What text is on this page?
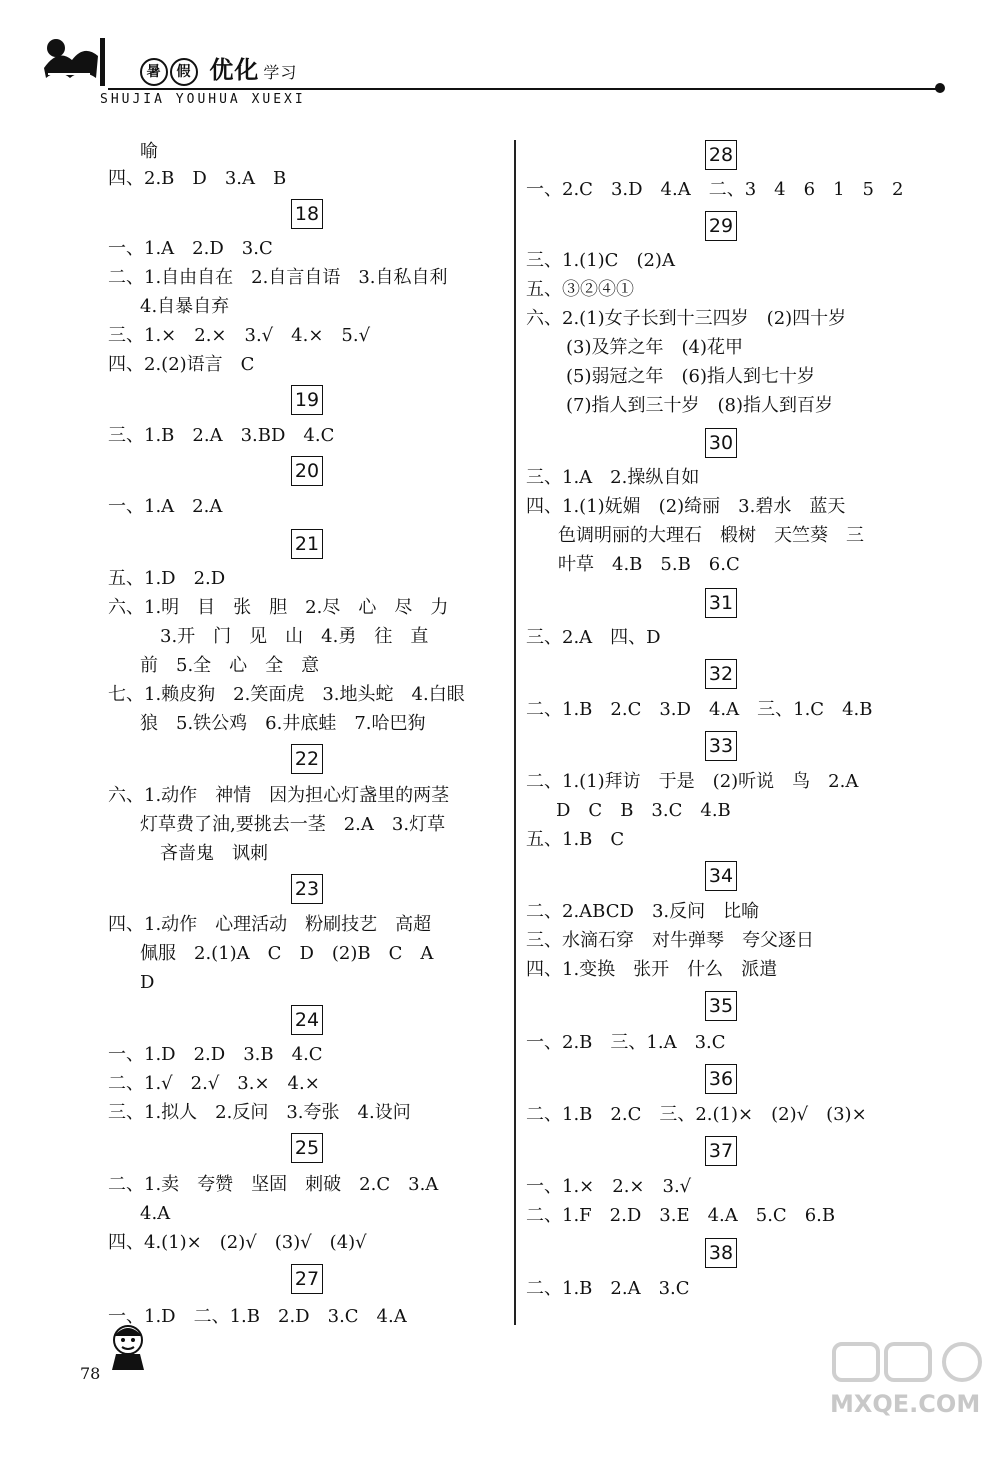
暑 假 优化 学习
SHUJIA YOUHUA XUEXI
喻
四、2.B　D　3.A　B
18
一、1.A　2.D　3.C
二、1.自由自在　2.自言自语　3.自私自利
4.自暴自弃
三、1.×　2.×　3.√　4.×　5.√
四、2.(2)语言　C
19
三、1.B　2.A　3.BD　4.C
20
一、1.A　2.A
21
五、1.D　2.D
六、1.明　目　张　胆　2.尽　心　尽　力
3.开　门　见　山　4.勇　往　直
前　5.全　心　全　意
七、1.赖皮狗　2.笑面虎　3.地头蛇　4.白眼
狼　5.铁公鸡　6.井底蛙　7.哈巴狗
22
六、1.动作　神情　因为担心灯盏里的两茎
灯草费了油,要挑去一茎　2.A　3.灯草
吝啬鬼　讽刺
23
四、1.动作　心理活动　粉刷技艺　高超
佩服　2.(1)A　C　D　(2)B　C　A
D
24
一、1.D　2.D　3.B　4.C
二、1.√　2.√　3.×　4.×
三、1.拟人　2.反问　3.夸张　4.设问
25
二、1.卖　夸赞　坚固　刺破　2.C　3.A
4.A
四、4.(1)×　(2)√　(3)√　(4)√
27
一、1.D　二、1.B　2.D　3.C　4.A
28
一、2.C　3.D　4.A　二、3　4　6　1　5　2
29
三、1.(1)C　(2)A
五、③②④①
六、2.(1)女子长到十三四岁　(2)四十岁
(3)及笄之年　(4)花甲
(5)弱冠之年　(6)指人到七十岁
(7)指人到三十岁　(8)指人到百岁
30
三、1.A　2.操纵自如
四、1.(1)妩媚　(2)绮丽　3.碧水　蓝天
色调明丽的大理石　椴树　天竺葵　三
叶草　4.B　5.B　6.C
31
三、2.A　四、D
32
二、1.B　2.C　3.D　4.A　三、1.C　4.B
33
二、1.(1)拜访　于是　(2)听说　鸟　2.A
D　C　B　3.C　4.B
五、1.B　C
34
二、2.ABCD　3.反问　比喻
三、水滴石穿　对牛弹琴　夸父逐日
四、1.变换　张开　什么　派遣
35
一、2.B　三、1.A　3.C
36
二、1.B　2.C　三、2.(1)×　(2)√　(3)×
37
一、1.×　2.×　3.√
二、1.F　2.D　3.E　4.A　5.C　6.B
38
二、1.B　2.A　3.C
78
MXQE.COM
